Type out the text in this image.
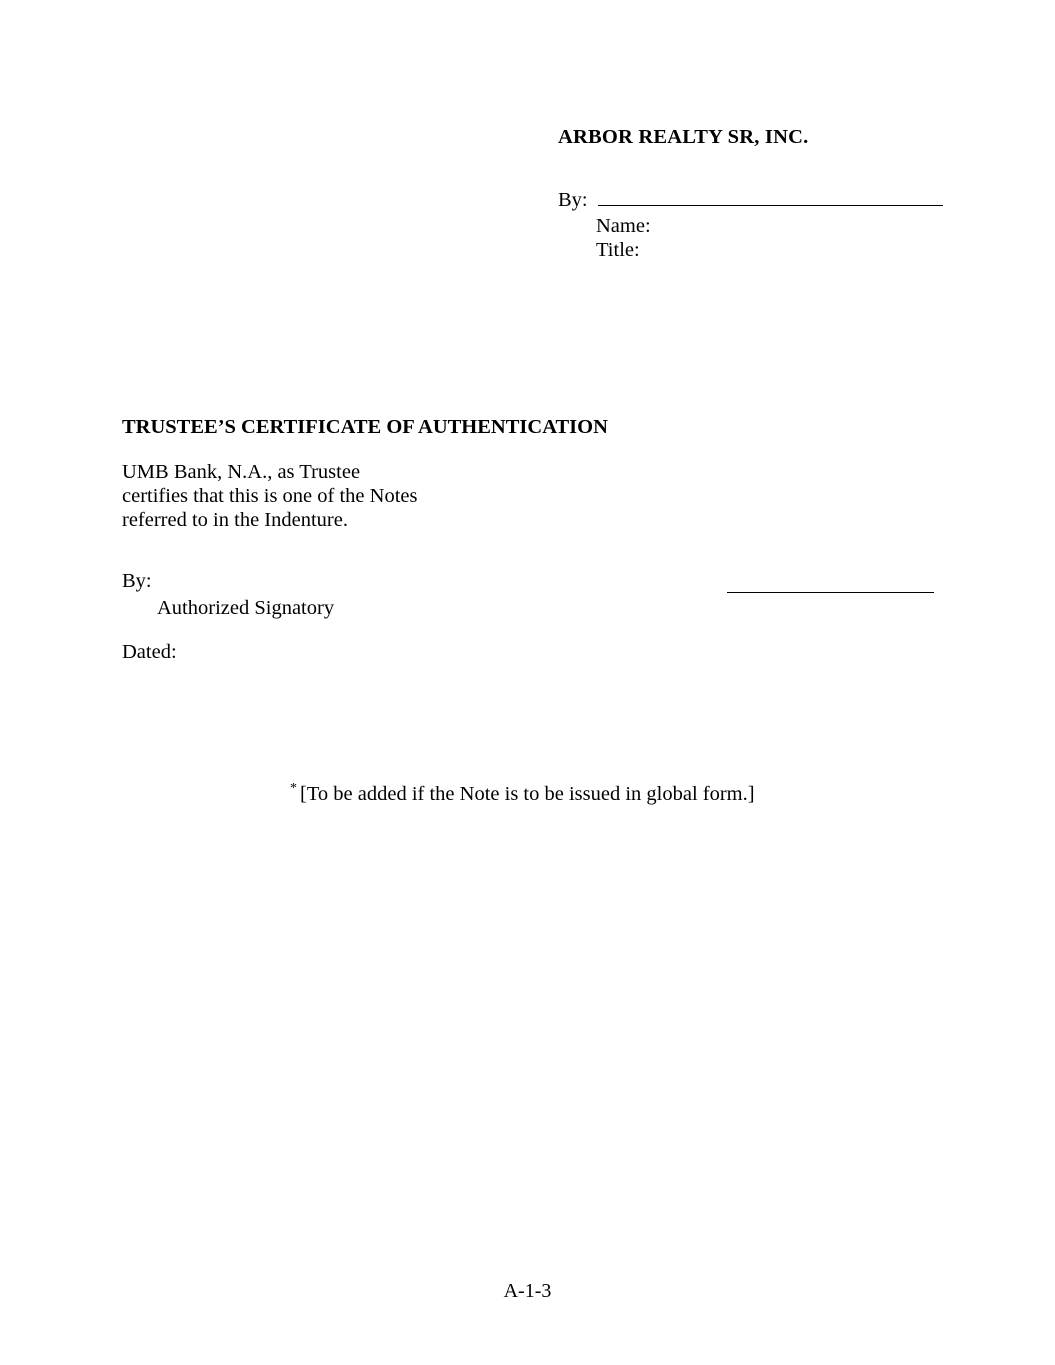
ARBOR REALTY SR, INC.
By:
Name:
Title:
TRUSTEE’S CERTIFICATE OF AUTHENTICATION
UMB Bank, N.A., as Trustee
certifies that this is one of the Notes
referred to in the Indenture.
By:
Authorized Signatory
Dated:
* [To be added if the Note is to be issued in global form.]
A-1-3
